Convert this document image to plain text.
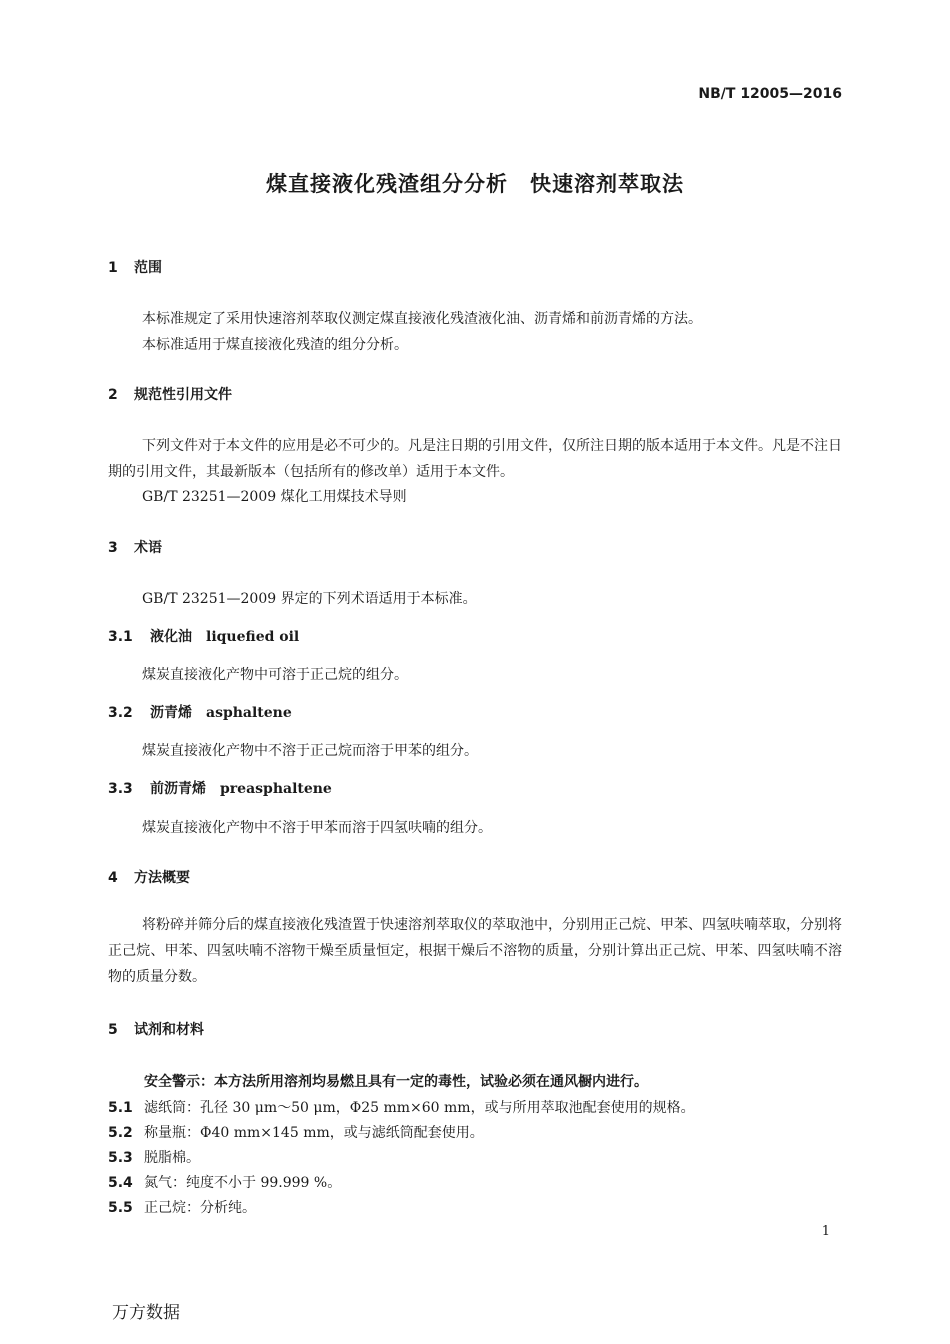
NB/T 12005—2016
煤直接液化残渣组分分析　快速溶剂萃取法
1 范围
本标准规定了采用快速溶剂萃取仪测定煤直接液化残渣液化油、沥青烯和前沥青烯的方法。
本标准适用于煤直接液化残渣的组分分析。
2 规范性引用文件
下列文件对于本文件的应用是必不可少的。凡是注日期的引用文件，仅所注日期的版本适用于本文件。凡是不注日期的引用文件，其最新版本（包括所有的修改单）适用于本文件。
GB/T 23251—2009 煤化工用煤技术导则
3 术语
GB/T 23251—2009 界定的下列术语适用于本标准。
3.1 液化油 liquefied oil
煤炭直接液化产物中可溶于正己烷的组分。
3.2 沥青烯 asphaltene
煤炭直接液化产物中不溶于正己烷而溶于甲苯的组分。
3.3 前沥青烯 preasphaltene
煤炭直接液化产物中不溶于甲苯而溶于四氢呋喃的组分。
4 方法概要
将粉碎并筛分后的煤直接液化残渣置于快速溶剂萃取仪的萃取池中，分别用正己烷、甲苯、四氢呋喃萃取，分别将正己烷、甲苯、四氢呋喃不溶物干燥至质量恒定，根据干燥后不溶物的质量，分别计算出正己烷、甲苯、四氢呋喃不溶物的质量分数。
5 试剂和材料
安全警示：本方法所用溶剂均易燃且具有一定的毒性，试验必须在通风橱内进行。
5.1 滤纸筒：孔径 30 μm～50 μm，Φ25 mm×60 mm，或与所用萃取池配套使用的规格。
5.2 称量瓶：Φ40 mm×145 mm，或与滤纸筒配套使用。
5.3 脱脂棉。
5.4 氮气：纯度不小于 99.999 %。
5.5 正己烷：分析纯。
1
万方数据
